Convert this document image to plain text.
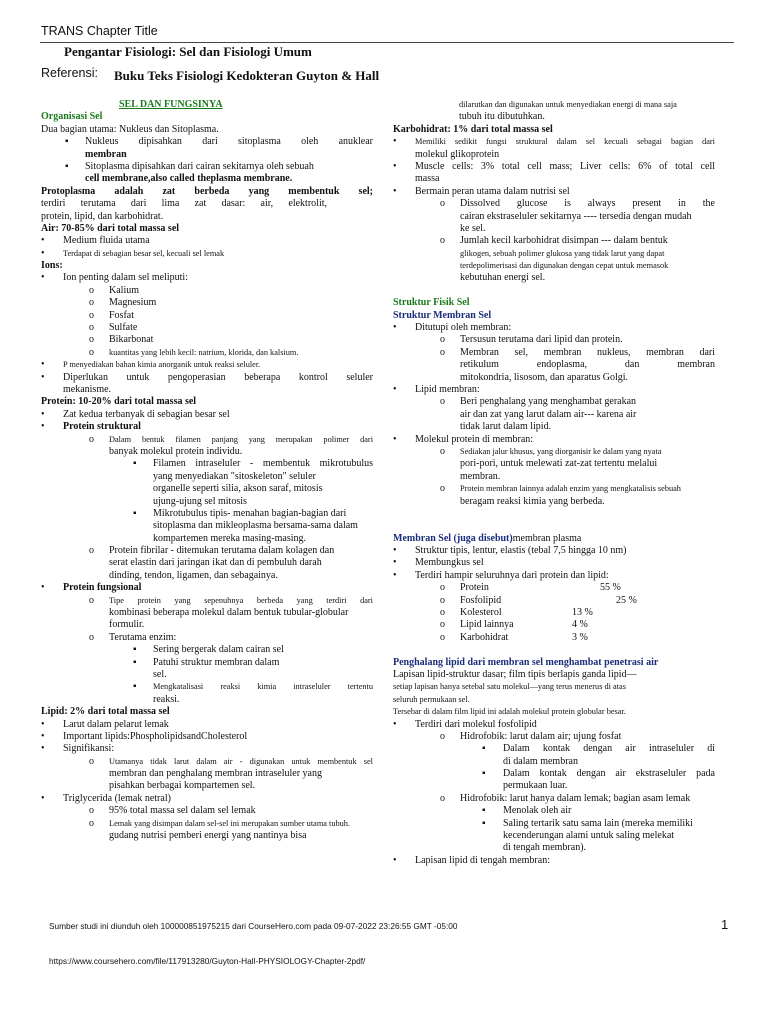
TRANS Chapter Title
Pengantar Fisiologi: Sel dan Fisiologi Umum
Referensi: Buku Teks Fisiologi Kedokteran Guyton & Hall
SEL DAN FUNGSINYA
Organisasi Sel
Dua bagian utama: Nukleus dan Sitoplasma.
▪ Nukleus dipisahkan dari sitoplasma oleh anuklear
membran
▪ Sitoplasma dipisahkan dari cairan sekitarnya oleh sebuah
cell membrane,also called theplasma membrane.
Protoplasma adalah zat berbeda yang membentuk sel;
terdiri terutama dari lima zat dasar: air, elektrolit,
protein, lipid, dan karbohidrat.
Air: 70-85% dari total massa sel
• Medium fluida utama
• Terdapat di sebagian besar sel, kecuali sel lemak
Ions:
• Ion penting dalam sel meliputi:
o Kalium
o Magnesium
o Fosfat
o Sulfate
o Bikarbonat
o kuantitas yang lebih kecil: natrium, klorida, dan kalsium.
• P menyediakan bahan kimia anorganik untuk reaksi seluler.
• Diperlukan untuk pengoperasian beberapa kontrol seluler
mekanisme.
Protein: 10-20% dari total massa sel
• Zat kedua terbanyak di sebagian besar sel
• Protein struktural
o Dalam bentuk filamen panjang yang merupakan polimer dari
banyak molekul protein individu.
▪ Filamen intraseluler - membentuk mikrotubulus
yang menyediakan "sitoskeleton" seluler
organelle seperti silia, akson saraf, mitosis
ujung-ujung sel mitosis
▪ Mikrotubulus tipis- menahan bagian-bagian dari
sitoplasma dan mikleoplasma bersama-sama dalam
kompartemen mereka masing-masing.
o Protein fibrilar - ditemukan terutama dalam kolagen dan
serat elastin dari jaringan ikat dan di pembuluh darah
dinding, tendon, ligamen, dan sebagainya.
• Protein fungsional
o Tipe protein yang sepenuhnya berbeda yang terdiri dari
kombinasi beberapa molekul dalam bentuk tubular-globular
formulir.
o Terutama enzim:
▪ Sering bergerak dalam cairan sel
▪ Patuhi struktur membran dalam
sel.
▪ Mengkatalisasi reaksi kimia intraseluler tertentu
reaksi.
Lipid: 2% dari total massa sel
• Larut dalam pelarut lemak
• Important lipids:PhospholipidsandCholesterol
• Signifikansi:
o Utamanya tidak larut dalam air - digunakan untuk membentuk sel
membran dan penghalang membran intraseluler yang
pisahkan berbagai kompartemen sel.
• Triglycerida (lemak netral)
o 95% total massa sel dalam sel lemak
o Lemak yang disimpan dalam sel-sel ini merupakan sumber utama tubuh.
gudang nutrisi pemberi energi yang nantinya bisa
dilarutkan dan digunakan untuk menyediakan energi di mana saja
tubuh itu dibutuhkan.
Karbohidrat: 1% dari total massa sel
• Memiliki sedikit fungsi struktural dalam sel kecuali sebagai bagian dari
molekul glikoprotein
• Muscle cells: 3% total cell mass; Liver cells: 6% of total cell
massa
• Bermain peran utama dalam nutrisi sel
o Dissolved glucose is always present in the
cairan ekstraseluler sekitarnya ---- tersedia dengan mudah
ke sel.
o Jumlah kecil karbohidrat disimpan --- dalam bentuk
glikogen, sebuah polimer glukosa yang tidak larut yang dapat
terdepolimerisasi dan digunakan dengan cepat untuk memasok
kebutuhan energi sel.
Struktur Fisik Sel
Struktur Membran Sel
• Ditutupi oleh membran:
o Tersusun terutama dari lipid dan protein.
o Membran sel, membran nukleus, membran dari
retikulum endoplasma, dan membran
mitokondria, lisosom, dan aparatus Golgi.
• Lipid membran:
o Beri penghalang yang menghambat gerakan
air dan zat yang larut dalam air--- karena air
tidak larut dalam lipid.
• Molekul protein di membran:
o Sediakan jalur khusus, yang diorganisir ke dalam yang nyata
pori-pori, untuk melewati zat-zat tertentu melalui
membran.
o Protein membran lainnya adalah enzim yang mengkatalisis sebuah
beragam reaksi kimia yang berbeda.
Membran Sel (juga disebut)membran plasma
• Struktur tipis, lentur, elastis (tebal 7,5 hingga 10 nm)
• Membungkus sel
• Terdiri hampir seluruhnya dari protein dan lipid:
o Protein	55 %
o Fosfolipid	25 %
o Kolesterol	13 %
o Lipid lainnya	4 %
o Karbohidrat	3 %
Penghalang lipid dari membran sel menghambat penetrasi air
Lapisan lipid-struktur dasar; film tipis berlapis ganda lipid—
setiap lapisan hanya setebal satu molekul—yang terus menerus di atas
seluruh permukaan sel.
Tersebar di dalam film lipid ini adalah molekul protein globular besar.
• Terdiri dari molekul fosfolipid
o Hidrofobik: larut dalam air; ujung fosfat
▪ Dalam kontak dengan air intraseluler di
di dalam membran
▪ Dalam kontak dengan air ekstraseluler pada
permukaan luar.
o Hidrofobik: larut hanya dalam lemak; bagian asam lemak
▪ Menolak oleh air
▪ Saling tertarik satu sama lain (mereka memiliki
kecenderungan alami untuk saling melekat
di tengah membran).
• Lapisan lipid di tengah membran:
Sumber studi ini diunduh oleh 100000851975215 dari CourseHero.com pada 09-07-2022 23:26:55 GMT -05:00	1
https://www.coursehero.com/file/117913280/Guyton-Hall-PHYSIOLOGY-Chapter-2pdf/
